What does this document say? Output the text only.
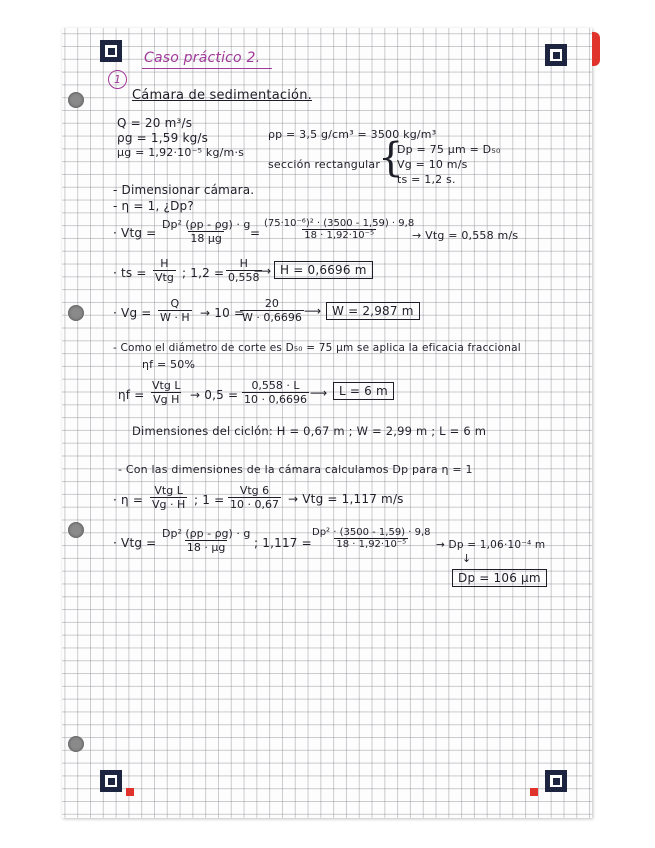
Caso práctico 2.
1
Cámara de sedimentación.
Q = 20 m³/s
ρg = 1,59 kg/s
μg = 1,92·10⁻⁵ kg/m·s
ρp = 3,5 g/cm³ = 3500 kg/m³
sección rectangular
{
Dp = 75 μm = D₅₀
Vg = 10 m/s
ts = 1,2 s.
- Dimensionar cámara.
- η = 1, ¿Dp?
· Vtg = $\frac{\text{Dp² (ρp - ρg) · g}}{18 \mu g}$
= $\frac{\text{(75·10⁻⁶)² · (3500 - 1,59) · 9,8}}{\text{18 · 1,92·10⁻⁵}}$
→ Vtg = 0,558 m/s
· ts =
H
Vtg ; $1,2 = \frac{H}{0,558}$
⟶ H = 0,6696 m
· $Vg = \frac{Q}{W \cdot H} \to 10$ =
$\frac{20}{W \cdot 0,6696}$ ⟶ W = 2,987 m
- Como el diámetro de corte es D₅₀ = 75 μm se aplica la eficacia fraccional
ηf = 50%
ηf =
Vtg L
Vg $H \to 0,5 = \frac{0,558 \cdot L}{10 \cdot 0,6696}$ ⟶ L = 6 m
Dimensiones del ciclón: H = 0,67 m ; W = 2,99 m ; L = 6 m
- Con las dimensiones de la cámara calculamos Dp para η = 1
· η =
Vtg L
Vg · H ; 1 =
Vtg 6
10 · 0,67 → Vtg = 1,117 m/s
· Vtg = $\frac{\text{Dp² (ρp - ρg) · g}}{18 \cdot \mu g}$ ; 1,117 =
$\frac{\text{Dp² · (3500 - 1,59) · 9,8}}{\text{18 · 1,92·10⁻⁵}} \to Dp = 1,06\cdot 10^{-4}$ m
↓
Dp = 106 μm
